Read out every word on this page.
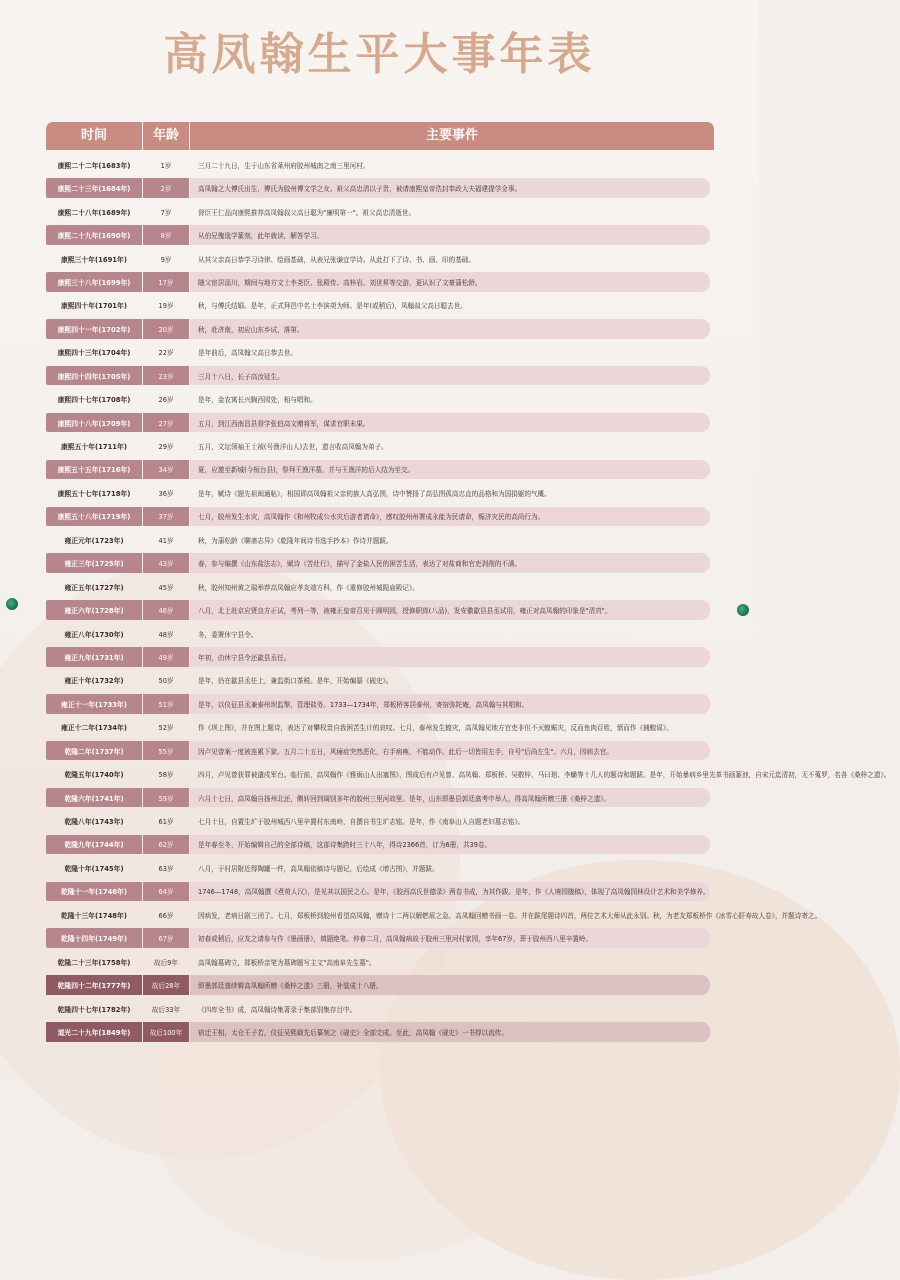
高凤翰生平大事年表
时间	年龄	主要事件
康熙二十二年(1683年)	1岁	三月二十九日，生于山东省莱州府胶州城南之南三里河村。
康熙二十三年(1684年)	2岁	高凤翰之大傅氏出生，傅氏为胶州傅文学之女。祖父高忠清以子贵，被请康熙皇帝诰封奉政大夫福建提学佥事。
康熙二十八年(1689年)	7岁	督臣王仁品向康熙推荐高凤翰叔父高日聪为"廉明第一"。祖父高忠清逝世。
康熙二十九年(1690年)	8岁	从伯兄傀逸学篆刻，此年就读，解答学习。
康熙三十年(1691年)	9岁	从其父亲高日恭学习诗律、绘画基础，从表兄张谦宜学诗。从此打下了诗、书、画、印的基础。
康熙三十八年(1699年)	17岁	随父宦居淄川，期间与地方文士李尧臣、张殿传、高梓岩、刘世昇等交游，更认识了文豪蒲松龄。
康熙四十年(1701年)	19岁	秋，与傅氏结婚。是年，正式拜邑中名士李滨萸为师。是年(或稍后)，凤翰叔父高日聪去世。
康熙四十一年(1702年)	20岁	秋，赴济南，初应山东乡试，落第。
康熙四十三年(1704年)	22岁	是年前后，高凤翰父高日恭去世。
康熙四十四年(1705年)	23岁	三月十八日，长子高汝延生。
康熙四十七年(1708年)	26岁	是年，金农寓长兴胸西园处，相与唱和。
康熙四十八年(1709年)	27岁	五月，到江西南昌县督学张伯高文赠将军，谋求官职未果。
康熙五十年(1711年)	29岁	五月，文坛领袖王士祯(号渔洋山人)去世，遗言收高凤翰为弟子。
康熙五十五年(1716年)	34岁	夏，应邀至新城(今桓台县)，祭拜王渔洋墓，并与王渔洋的后人结为至交。
康熙五十七年(1718年)	36岁	是年，赋诗《题先祖闽通帖》，相国即高凤翰祖父亲的族人高弘图，诗中赞扬了高弘图孤高忠直的品格和为国捐躯的气概。
康熙五十八年(1719年)	37岁	七月，胶州发生水灾，高凤翰作《和州牧成公水灾后游者请命》，感叹胶州州署成永能为民请命，赈济灾民的高尚行为。
雍正元年(1723年)	41岁	秋，为蒲松龄《聊斋志异》《乾隆年间诗书选手抄本》作诗并题跋。
雍正三年(1725年)	43岁	春，参与编撰《山东盐法志》，赋诗《苦灶行》，描写了金盐人民的困苦生活，表达了对盐商和官吏剥削的不满。
雍正五年(1727年)	45岁	秋，胶州知州黄之瑞举荐高凤翰应孝友端方科，作《重修胶州城隍庙殿记》。
雍正六年(1728年)	46岁	八月，北上赴京应贤良方正试，考列一等，被雍正皇帝召见于圆明园，授修职郎(八品)，发安徽歙县县丞试用，雍正对高凤翰的印象是"清真"。
雍正八年(1730年)	48岁	冬，委署休宁县令。
雍正九年(1731年)	49岁	年初，由休宁县令还歙县丞任。
雍正十年(1732年)	50岁	是年，仍在歙县丞任上，兼监街口茶税。是年，开始编纂《砚史》。
雍正十一年(1733年)	51岁	是年，以仪征县丞兼泰州坝监掣，管理盐务。1733—1734年，郑板桥客居泰州，寄宿弥陀庵，高凤翰与其唱和。
雍正十二年(1734年)	52岁	作《坝上图》，并在图上题诗，表达了对攀权贵自我困苦生计的哀叹。七月，泰州发生蝗灾，高凤翰见地方官吏非但不灭蝗赈灾，反而鱼肉百姓，愤而作《捕蝗谣》。
乾隆二年(1737年)	55岁	因卢见曾案一度被连累下狱。五月二十五日，风瘫症突然恶化，右手病痪，不能动作。此后一切皆用左手，自号"后尚左生"。六月，因病去官。
乾隆五年(1740年)	58岁	四月，卢见曾获罪被遣戍军台。临行前，高凤翰作《雅雨山人出塞图》，图成后有卢见曾、高凤翰、郑板桥、吴敬梓、马曰琯、李蟠等十几人的题诗和题跋。是年，开始暴病乡里先革书画篆池，自宋元迄清初，无不蒐罗，名各《桑梓之遗》。
乾隆六年(1741年)	59岁	六月十七日，高凤翰自扬州北还，侧转回到阔别多年的胶州三里河故里。是年，山东即墨县郭廷翕考中举人，得高凤翰所赠三册《桑梓之遗》。
乾隆八年(1743年)	61岁	七月十日，自置生圹于胶州城西八里辛置村东南岭，自撰自书生圹志铭。是年，作《南阜山人自题老妇墓志铭》。
乾隆九年(1744年)	62岁	是年春至冬，开始编辑自己的全部诗稿，这部诗集跨时三十八年，得诗2366首，订为6册，共39卷。
乾隆十年(1745年)	63岁	八月，于村居附近得陶罐一件，高凤翰依稿诗与题记，后绘成《增古图》，并题跋。
乾隆十一年(1746年)	64岁	1746—1748，高凤翰撰《煮萸人汉》，是见其以国民之心。是年，《胶西高氏世德录》两卷书成，为其作跋。是年，作《人境园腹稿》，体现了高凤翰园林设计艺术和美学修养。
乾隆十三年(1748年)	66岁	因病发，老病日剧三闭了。七月，郑板桥到胶州看望高凤翰，赠诗十二两以解燃眉之急。高凤翰回赠书画一卷。并在跋尾题诗四首，两位艺术大师从此永别。秋，为老友郑板桥作《冰雪心肝寿故人卷》，并题诗寄之。
乾隆十四年(1749年)	67岁	初春或稍后，应友之请参与作《墨画册》，填题绝笔。仲春二月，高凤翰病故于胶州三里河村家园，享年67岁，葬于胶州西八里辛置岭。
乾隆二十三年(1758年)	故后9年	高凤翰墓碑立，郑板桥亲笔为墓碑题写主文"高南阜先生墓"。
乾隆四十二年(1777年)	故后28年	即墨郭廷翕续辑高凤翰所赠《桑梓之遗》三册，补装成十八册。
乾隆四十七年(1782年)	故后33年	《四库全书》成，高凤翰诗集著录于集部别集存目中。
道光二十九年(1849年)	故后100年	宿迁王相，太仓王子若，仪征吴熙载先后摹刻之《砚史》全部完成。至此，高凤翰《砚史》一书得以流传。
